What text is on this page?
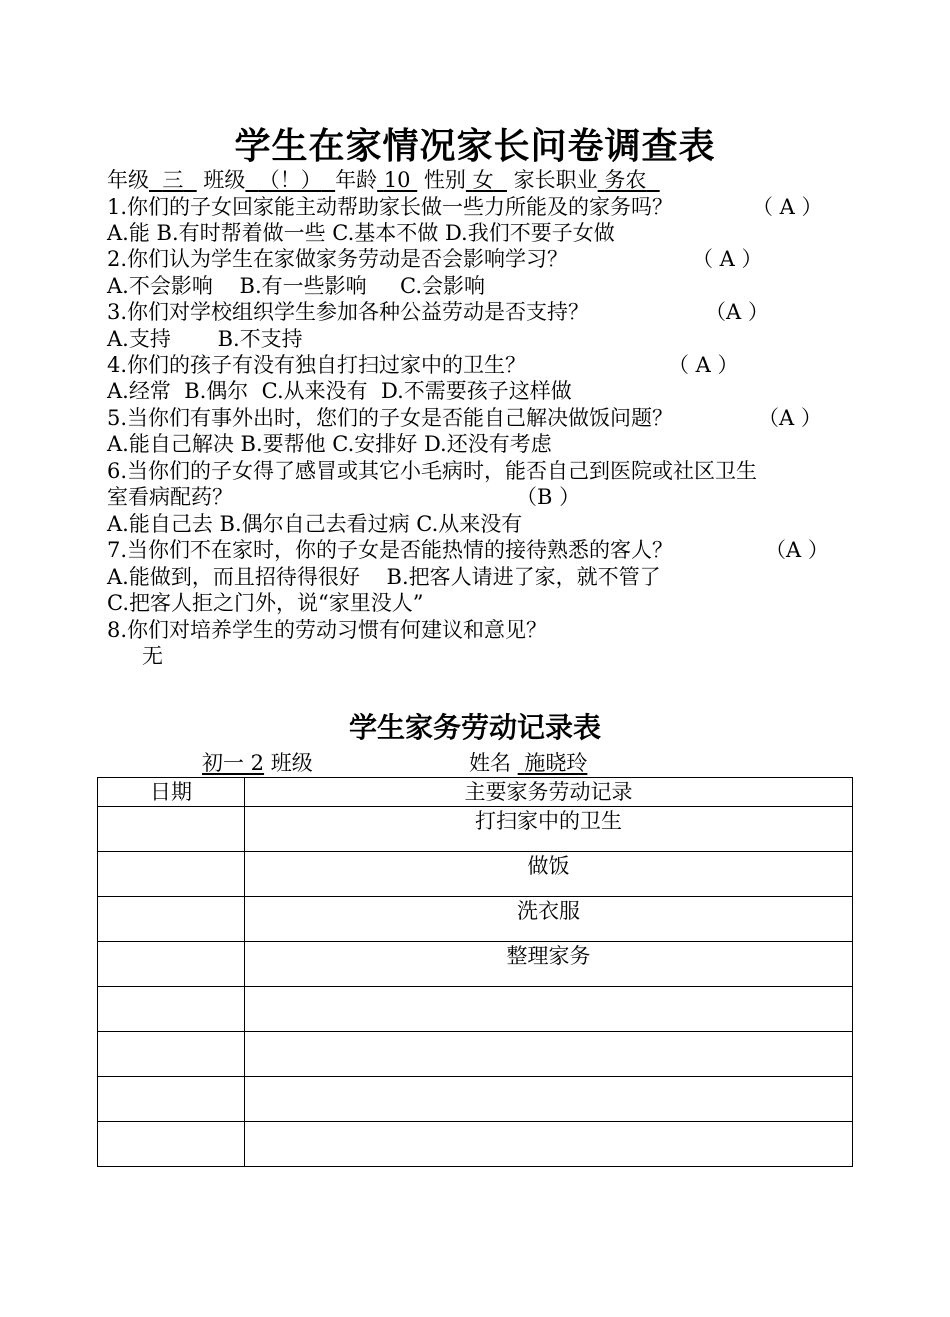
学生在家情况家长问卷调查表
年级 三 班级 （！） 年龄 10 性别 女 家长职业 务农
1.你们的子女回家能主动帮助家长做一些力所能及的家务吗？	（ A ）
A.能 B.有时帮着做一些 C.基本不做 D.我们不要子女做
2.你们认为学生在家做家务劳动是否会影响学习？	（ A ）
A.不会影响    B.有一些影响     C.会影响
3.你们对学校组织学生参加各种公益劳动是否支持？	（A ）
A.支持       B.不支持
4.你们的孩子有没有独自打扫过家中的卫生？	（ A ）
A.经常  B.偶尔  C.从来没有  D.不需要孩子这样做
5.当你们有事外出时，您们的子女是否能自己解决做饭问题？	（A ）
A.能自己解决 B.要帮他 C.安排好 D.还没有考虑
6.当你们的子女得了感冒或其它小毛病时，能否自己到医院或社区卫生
室看病配药？	（B ）
A.能自己去 B.偶尔自己去看过病 C.从来没有
7.当你们不在家时，你的子女是否能热情的接待熟悉的客人？	（A ）
A.能做到，而且招待得很好    B.把客人请进了家，就不管了
C.把客人拒之门外，说“家里没人”
8.你们对培养学生的劳动习惯有何建议和意见？
无
学生家务劳动记录表
初一 2 班级	姓名 施晓玲
日期	主要家务劳动记录
	打扫家中的卫生
	做饭
	洗衣服
	整理家务
